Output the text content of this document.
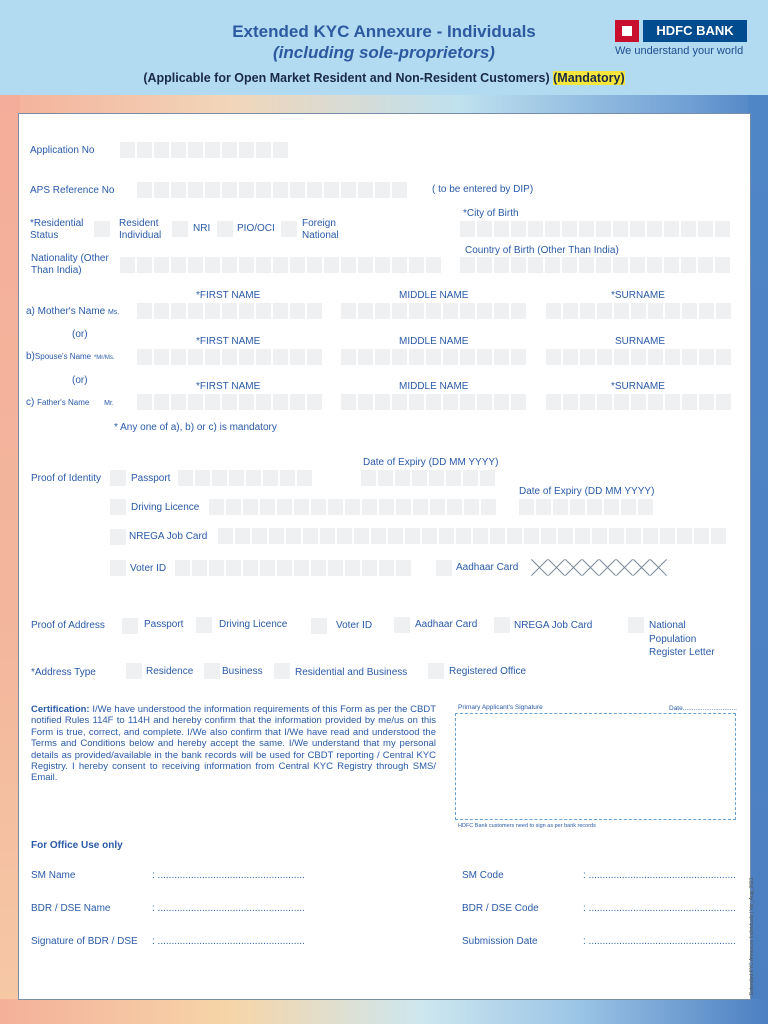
Extended KYC Annexure - Individuals
(including sole-proprietors)
(Applicable for Open Market Resident and Non-Resident Customers) (Mandatory)
HDFC BANK
We understand your world
Application No
APS Reference No	( to be entered by DIP)
*Residential Status
Resident Individual
NRI	PIO/OCI	Foreign National
*City of Birth
Nationality (Other Than India)
Country of Birth (Other Than India)
*FIRST NAME	MIDDLE NAME	*SURNAME
a) Mother's Name Ms.
(or)
*FIRST NAME	MIDDLE NAME	SURNAME
b)Spouse's Name *Mr/Ms.
(or)
*FIRST NAME	MIDDLE NAME	*SURNAME
c) Father's Name Mr.
* Any one of a), b) or c) is mandatory
Date of Expiry (DD MM YYYY)
Proof of Identity	Passport
Date of Expiry (DD MM YYYY)
Driving Licence
NREGA Job Card
Voter ID	Aadhaar Card
Proof of Address	Passport	Driving Licence	Voter ID	Aadhaar Card	NREGA Job Card	National Population Register Letter
*Address Type	Residence	Business	Residential and Business	Registered Office
Certification: I/We have understood the information requirements of this Form as per the CBDT notified Rules 114F to 114H and hereby confirm that the information provided by me/us on this Form is true, correct, and complete. I/We also confirm that I/We have read and understood the Terms and Conditions below and hereby accept the same. I/We understand that my personal details as provided/available in the bank records will be used for CBDT reporting / Central KYC Registry. I hereby consent to receiving information from Central KYC Registry through SMS/ Email.
Primary Applicant's Signature	Date..............................
HDFC Bank customers need to sign as per bank records
For Office Use only
SM Name	: .....................................................	SM Code	: .....................................................
BDR / DSE Name	: .....................................................	BDR / DSE Code	: .....................................................
Signature of BDR / DSE : .....................................................	Submission Date	: .....................................................	Extended KYC Annexure Individuals | Ver_Aug_2021
